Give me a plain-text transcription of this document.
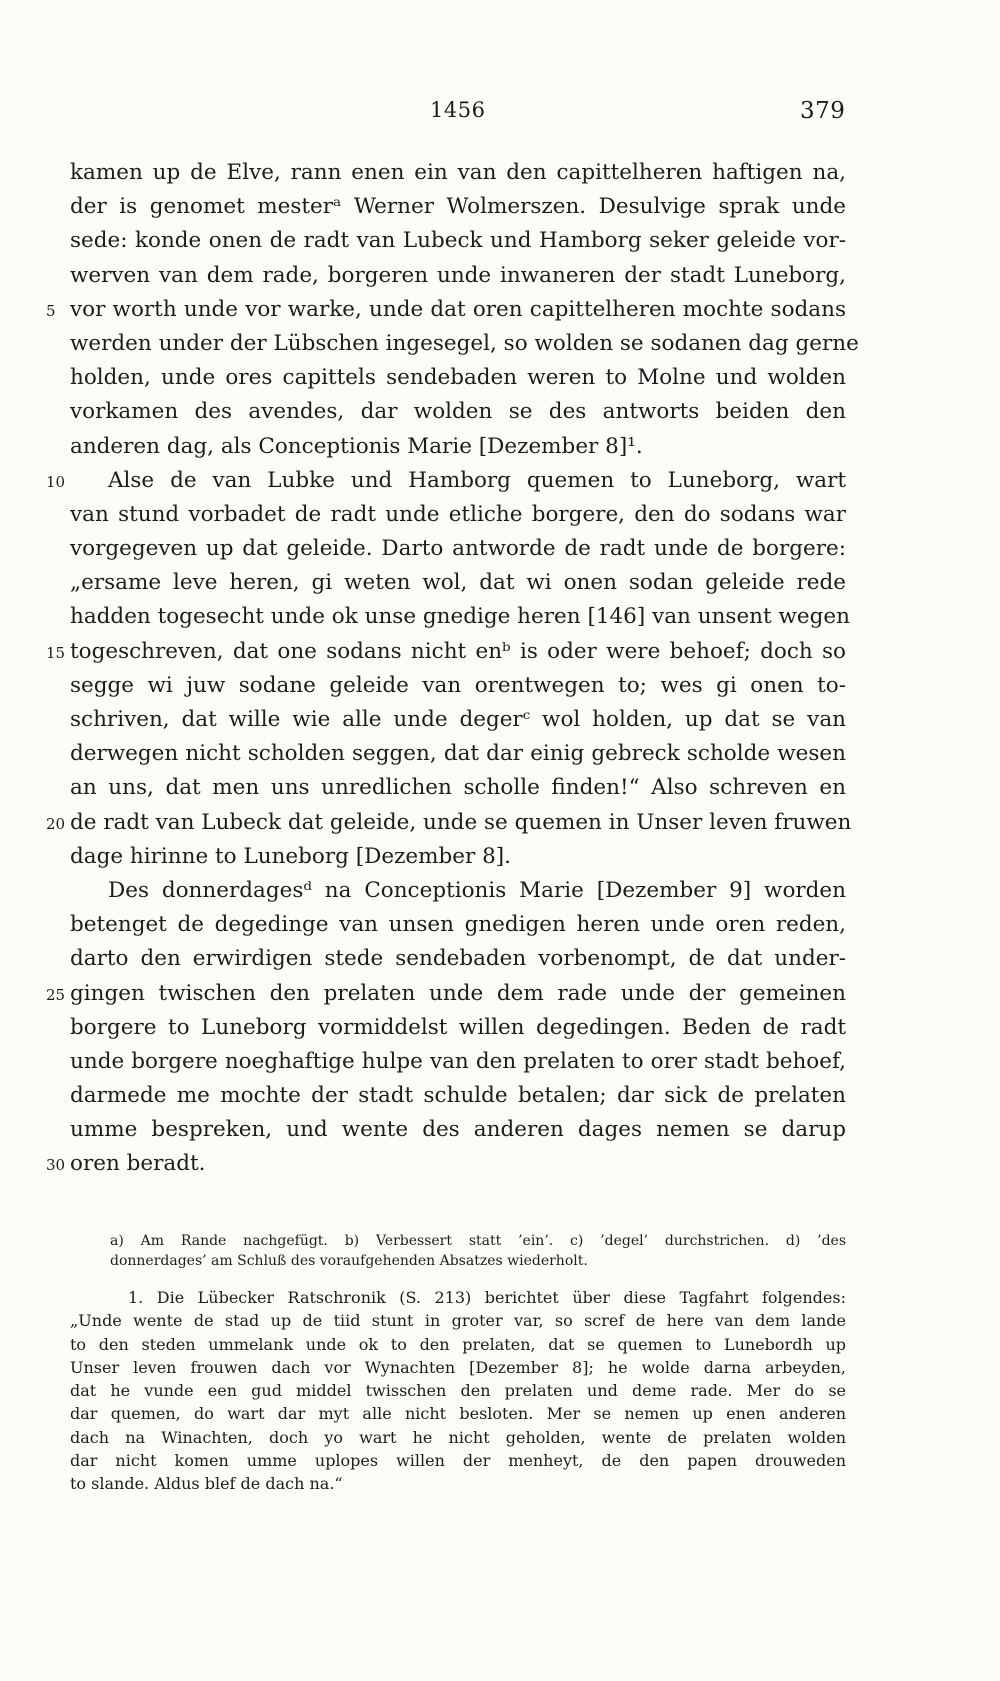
1456	379
kamen up de Elve, rann enen ein van den capittelheren haftigen na,
der is genomet mesterᵃ Werner Wolmerszen. Desulvige sprak unde
sede: konde onen de radt van Lubeck und Hamborg seker geleide vor-
werven van dem rade, borgeren unde inwaneren der stadt Luneborg,
5 vor worth unde vor warke, unde dat oren capittelheren mochte sodans
werden under der Lübschen ingesegel, so wolden se sodanen dag gerne
holden, unde ores capittels sendebaden weren to Molne und wolden
vorkamen des avendes, dar wolden se des antworts beiden den
anderen dag, als Conceptionis Marie [Dezember 8]¹.
10	Alse de van Lubke und Hamborg quemen to Luneborg, wart
van stund vorbadet de radt unde etliche borgere, den do sodans war
vorgegeven up dat geleide. Darto antworde de radt unde de borgere:
„ersame leve heren, gi weten wol, dat wi onen sodan geleide rede
hadden togesecht unde ok unse gnedige heren [146] van unsent wegen
15 togeschreven, dat one sodans nicht enᵇ is oder were behoef; doch so
segge wi juw sodane geleide van orentwegen to; wes gi onen to-
schriven, dat wille wie alle unde degerᶜ wol holden, up dat se van
derwegen nicht scholden seggen, dat dar einig gebreck scholde wesen
an uns, dat men uns unredlichen scholle finden!“ Also schreven en
20 de radt van Lubeck dat geleide, unde se quemen in Unser leven fruwen
dage hirinne to Luneborg [Dezember 8].
Des donnerdagesᵈ na Conceptionis Marie [Dezember 9] worden
betenget de degedinge van unsen gnedigen heren unde oren reden,
darto den erwirdigen stede sendebaden vorbenompt, de dat under-
25 gingen twischen den prelaten unde dem rade unde der gemeinen
borgere to Luneborg vormiddelst willen degedingen. Beden de radt
unde borgere noeghaftige hulpe van den prelaten to orer stadt behoef,
darmede me mochte der stadt schulde betalen; dar sick de prelaten
umme bespreken, und wente des anderen dages nemen se darup
30 oren beradt.
a) Am Rande nachgefügt. b) Verbessert statt ’ein’. c) ’degel’ durchstrichen. d) ’des
donnerdages’ am Schluß des voraufgehenden Absatzes wiederholt.
1. Die Lübecker Ratschronik (S. 213) berichtet über diese Tagfahrt folgendes:
„Unde wente de stad up de tiid stunt in groter var, so scref de here van dem lande
to den steden ummelank unde ok to den prelaten, dat se quemen to Lunebordh up
Unser leven frouwen dach vor Wynachten [Dezember 8]; he wolde darna arbeyden,
dat he vunde een gud middel twisschen den prelaten und deme rade. Mer do se
dar quemen, do wart dar myt alle nicht besloten. Mer se nemen up enen anderen
dach na Winachten, doch yo wart he nicht geholden, wente de prelaten wolden
dar nicht komen umme uplopes willen der menheyt, de den papen drouweden
to slande. Aldus blef de dach na.“
